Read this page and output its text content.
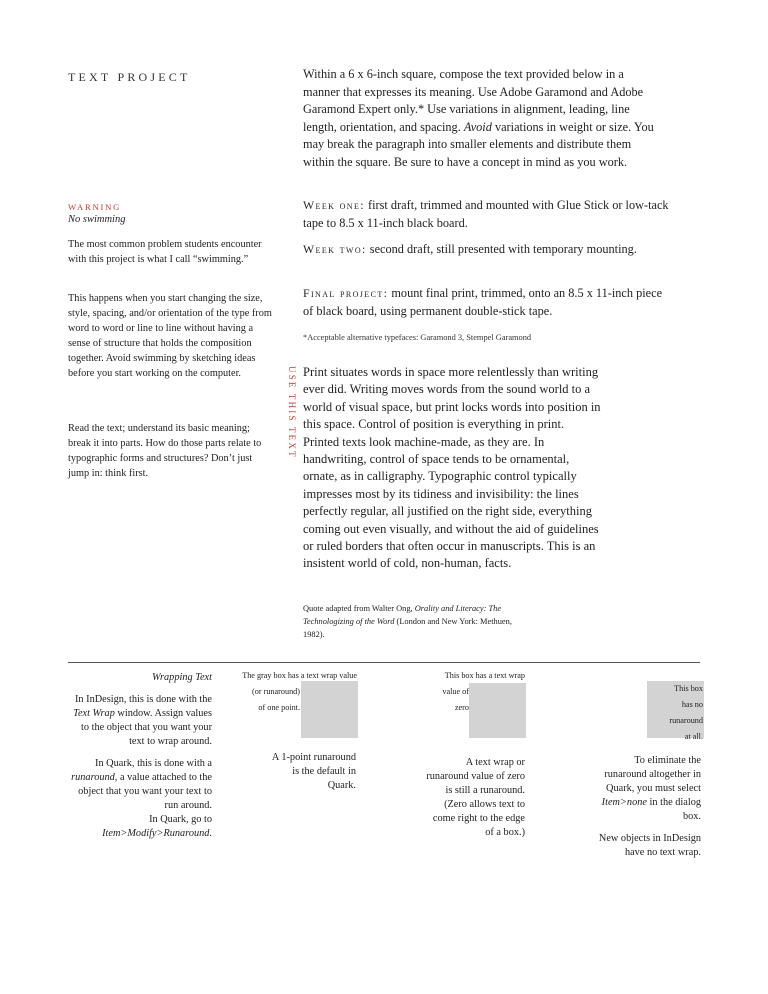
TEXT PROJECT	Within a 6 x 6-inch square, compose the text provided below in a manner that expresses its meaning. Use Adobe Garamond and Adobe Garamond Expert only.* Use variations in alignment, leading, line length, orientation, and spacing. Avoid variations in weight or size. You may break the paragraph into smaller elements and distribute them within the square. Be sure to have a concept in mind as you work.
WARNING
No swimming
Week one: first draft, trimmed and mounted with Glue Stick or low-tack tape to 8.5 x 11-inch black board.
Week two: second draft, still presented with temporary mounting.
Final project: mount final print, trimmed, onto an 8.5 x 11-inch piece of black board, using permanent double-stick tape.
*Acceptable alternative typefaces: Garamond 3, Stempel Garamond

The most common problem students encounter with this project is what I call “swimming.”

This happens when you start changing the size, style, spacing, and/or orientation of the type from word to word or line to line without having a sense of structure that holds the composition together. Avoid swimming by sketching ideas before you start working on the computer.

Read the text; understand its basic meaning; break it into parts. How do those parts relate to typographic forms and structures? Don’t just jump in: think first.

USE THIS TEXT Print situates words in space more relentlessly than writing ever did. Writing moves words from the sound world to a world of visual space, but print locks words into position in this space. Control of position is everything in print. Printed texts look machine-made, as they are. In handwriting, control of space tends to be ornamental, ornate, as in calligraphy. Typographic control typically impresses most by its tidiness and invisibility: the lines perfectly regular, all justified on the right side, everything coming out even visually, and without the aid of guidelines or ruled borders that often occur in manuscripts. This is an insistent world of cold, non-human, facts.
Quote adapted from Walter Ong, Orality and Literacy: The Technologizing of the Word (London and New York: Methuen, 1982).
Wrapping Text
In InDesign, this is done with the Text Wrap window. Assign values to the object that you want your text to wrap around.
In Quark, this is done with a runaround, a value attached to the object that you want your text to run around.
In Quark, go to
Item>Modify>Runaround.
The gray box has a text wrap value
(or runaround)
of one point.
A 1-point runaround is the default in Quark.
This box has a text wrap
value of
zero
A text wrap or runaround value of zero is still a runaround. (Zero allows text to come right to the edge of a box.)
This box
has no
runaround
at all.
To eliminate the runaround altogether in Quark, you must select Item>none in the dialog box.
New objects in InDesign have no text wrap.
